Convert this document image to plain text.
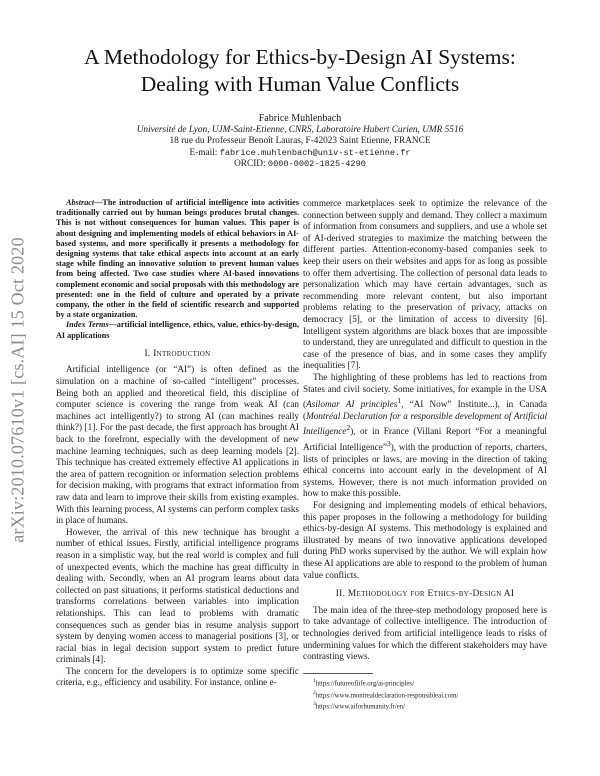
arXiv:2010.07610v1 [cs.AI] 15 Oct 2020
A Methodology for Ethics-by-Design AI Systems:
Dealing with Human Value Conflicts
Fabrice Muhlenbach
Université de Lyon, UJM-Saint-Etienne, CNRS, Laboratoire Hubert Curien, UMR 5516
18 rue du Professeur Benoît Lauras, F-42023 Saint Etienne, FRANCE
E-mail: fabrice.muhlenbach@univ-st-etienne.fr
ORCID: 0000-0002-1825-4290

Abstract—The introduction of artificial intelligence into activities traditionally carried out by human beings produces brutal changes. This is not without consequences for human values. This paper is about designing and implementing models of ethical behaviors in AI-based systems, and more specifically it presents a methodology for designing systems that take ethical aspects into account at an early stage while finding an innovative solution to prevent human values from being affected. Two case studies where AI-based innovations complement economic and social proposals with this methodology are presented: one in the field of culture and operated by a private company, the other in the field of scientific research and supported by a state organization.

Index Terms—artificial intelligence, ethics, value, ethics-by-design, AI applications

I. Introduction

Artificial intelligence (or “AI”) is often defined as the simulation on a machine of so-called “intelligent” processes. Being both an applied and theoretical field, this discipline of computer science is covering the range from weak AI (can machines act intelligently?) to strong AI (can machines really think?) [1]. For the past decade, the first approach has brought AI back to the forefront, especially with the development of new machine learning techniques, such as deep learning models [2]. This technique has created extremely effective AI applications in the area of pattern recognition or information selection problems for decision making, with programs that extract information from raw data and learn to improve their skills from existing examples. With this learning process, AI systems can perform complex tasks in place of humans.

However, the arrival of this new technique has brought a number of ethical issues. Firstly, artificial intelligence programs reason in a simplistic way, but the real world is complex and full of unexpected events, which the machine has great difficulty in dealing with. Secondly, when an AI program learns about data collected on past situations, it performs statistical deductions and transforms correlations between variables into implication relationships. This can lead to problems with dramatic consequences such as gender bias in resume analysis support system by denying women access to managerial positions [3], or racial bias in legal decision support system to predict future criminals [4].

The concern for the developers is to optimize some specific criteria, e.g., efficiency and usability. For instance, online e-

commerce marketplaces seek to optimize the relevance of the connection between supply and demand. They collect a maximum of information from consumers and suppliers, and use a whole set of AI-derived strategies to maximize the matching between the different parties. Attention-economy-based companies seek to keep their users on their websites and apps for as long as possible to offer them advertising. The collection of personal data leads to personalization which may have certain advantages, such as recommending more relevant content, but also important problems relating to the preservation of privacy, attacks on democracy [5], or the limitation of access to diversity [6]. Intelligent system algorithms are black boxes that are impossible to understand, they are unregulated and difficult to question in the case of the presence of bias, and in some cases they amplify inequalities [7].

The highlighting of these problems has led to reactions from States and civil society. Some initiatives, for example in the USA (Asilomar AI principles$^1$, “AI Now” Institute...), in Canada (Montréal Declaration for a responsible development of Artificial Intelligence$^2$), or in France (Villani Report “For a meaningful Artificial Intelligence”$^3$), with the production of reports, charters, lists of principles or laws, are moving in the direction of taking ethical concerns into account early in the development of AI systems. However, there is not much information provided on how to make this possible.

For designing and implementing models of ethical behaviors, this paper proposes in the following a methodology for building ethics-by-design AI systems. This methodology is explained and illustrated by means of two innovative applications developed during PhD works supervised by the author. We will explain how these AI applications are able to respond to the problem of human value conflicts.

II. Methodology for Ethics-by-Design AI

The main idea of the three-step methodology proposed here is to take advantage of collective intelligence. The introduction of technologies derived from artificial intelligence leads to risks of undermining values for which the different stakeholders may have contrasting views.

$^1$https://futureoflife.org/ai-principles/

$^2$https://www.montrealdeclaration-responsibleai.com/

$^3$https://www.aiforhumanity.fr/en/
